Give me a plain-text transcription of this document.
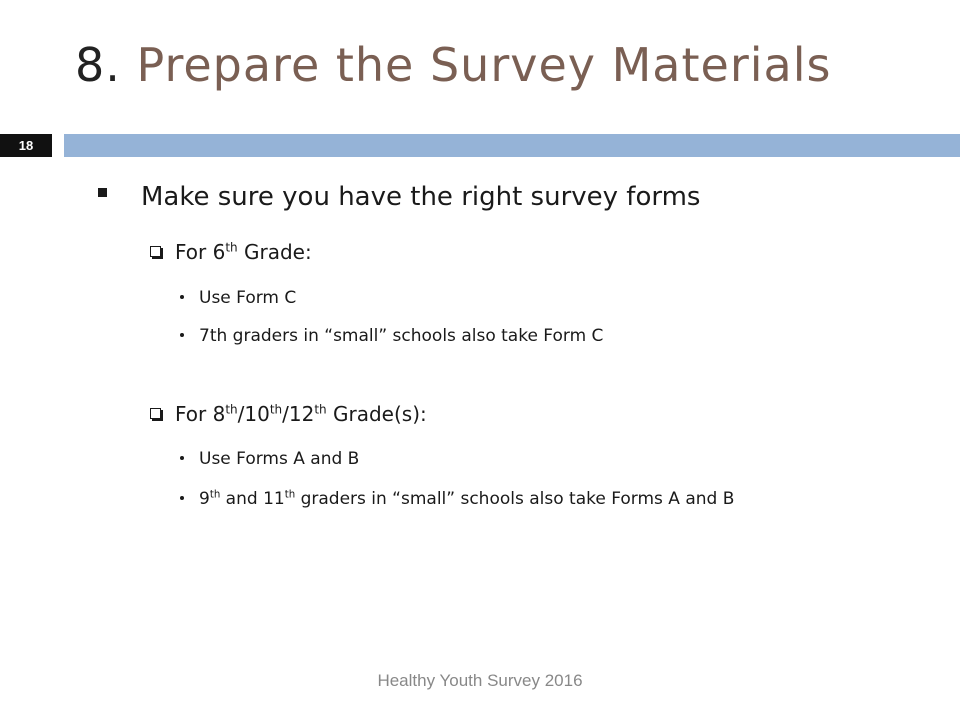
8. Prepare the Survey Materials
18
Make sure you have the right survey forms
For 6th Grade:
Use Form C
7th graders in “small” schools also take Form C
For 8th/10th/12th Grade(s):
Use Forms A and B
9th and 11th graders in “small” schools also take Forms A and B
Healthy Youth Survey 2016
